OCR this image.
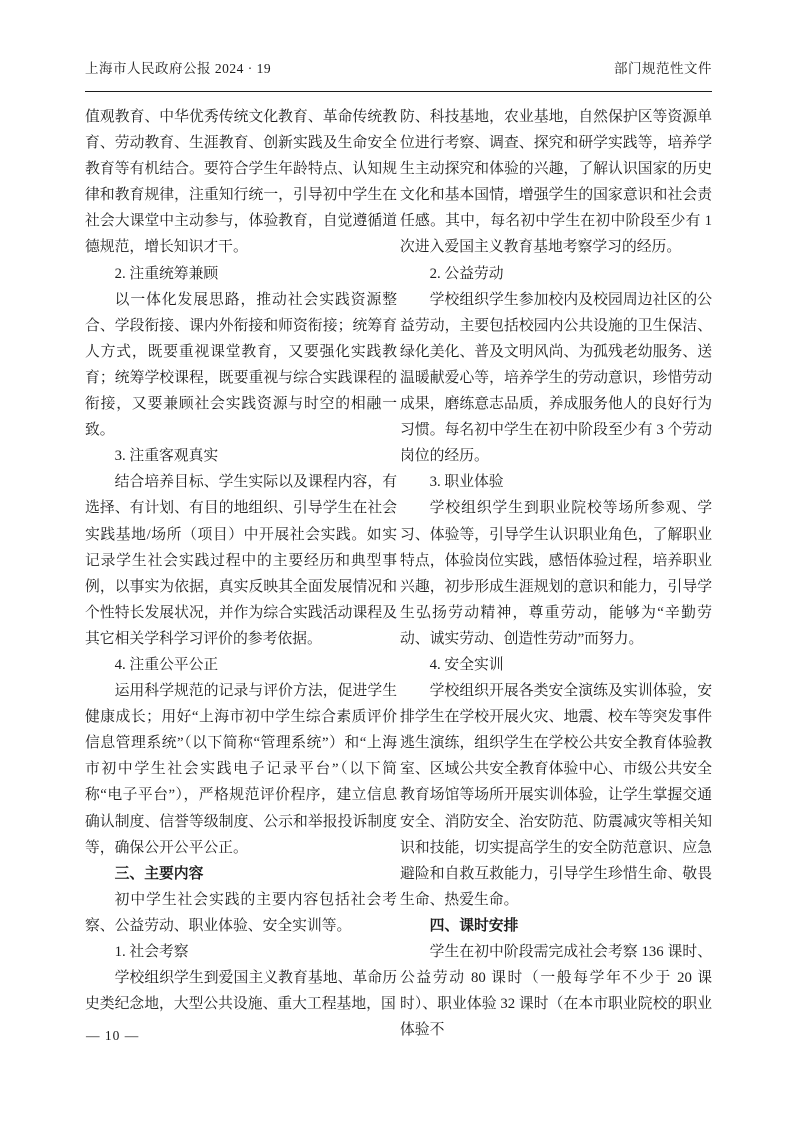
上海市人民政府公报 2024 · 19	部门规范性文件

值观教育、中华优秀传统文化教育、革命传统教育、劳动教育、生涯教育、创新实践及生命安全教育等有机结合。要符合学生年龄特点、认知规律和教育规律，注重知行统一，引导初中学生在社会大课堂中主动参与，体验教育，自觉遵循道德规范，增长知识才干。

2. 注重统筹兼顾

以一体化发展思路，推动社会实践资源整合、学段衔接、课内外衔接和师资衔接；统筹育人方式，既要重视课堂教育，又要强化实践教育；统筹学校课程，既要重视与综合实践课程的衔接，又要兼顾社会实践资源与时空的相融一致。

3. 注重客观真实

结合培养目标、学生实际以及课程内容，有选择、有计划、有目的地组织、引导学生在社会实践基地/场所（项目）中开展社会实践。如实记录学生社会实践过程中的主要经历和典型事例，以事实为依据，真实反映其全面发展情况和个性特长发展状况，并作为综合实践活动课程及其它相关学科学习评价的参考依据。

4. 注重公平公正

运用科学规范的记录与评价方法，促进学生健康成长；用好“上海市初中学生综合素质评价信息管理系统”（以下简称“管理系统”）和“上海市初中学生社会实践电子记录平台”（以下简称“电子平台”），严格规范评价程序，建立信息确认制度、信誉等级制度、公示和举报投诉制度等，确保公开公平公正。

三、主要内容

初中学生社会实践的主要内容包括社会考察、公益劳动、职业体验、安全实训等。

1. 社会考察

学校组织学生到爱国主义教育基地、革命历史类纪念地，大型公共设施、重大工程基地，国

防、科技基地，农业基地，自然保护区等资源单位进行考察、调查、探究和研学实践等，培养学生主动探究和体验的兴趣，了解认识国家的历史文化和基本国情，增强学生的国家意识和社会责任感。其中，每名初中学生在初中阶段至少有 1 次进入爱国主义教育基地考察学习的经历。

2. 公益劳动

学校组织学生参加校内及校园周边社区的公益劳动，主要包括校园内公共设施的卫生保洁、绿化美化、普及文明风尚、为孤残老幼服务、送温暖献爱心等，培养学生的劳动意识，珍惜劳动成果，磨练意志品质，养成服务他人的良好行为习惯。每名初中学生在初中阶段至少有 3 个劳动岗位的经历。

3. 职业体验

学校组织学生到职业院校等场所参观、学习、体验等，引导学生认识职业角色，了解职业特点，体验岗位实践，感悟体验过程，培养职业兴趣，初步形成生涯规划的意识和能力，引导学生弘扬劳动精神，尊重劳动，能够为“辛勤劳动、诚实劳动、创造性劳动”而努力。

4. 安全实训

学校组织开展各类安全演练及实训体验，安排学生在学校开展火灾、地震、校车等突发事件逃生演练，组织学生在学校公共安全教育体验教室、区域公共安全教育体验中心、市级公共安全教育场馆等场所开展实训体验，让学生掌握交通安全、消防安全、治安防范、防震减灾等相关知识和技能，切实提高学生的安全防范意识、应急避险和自救互救能力，引导学生珍惜生命、敬畏生命、热爱生命。

四、课时安排

学生在初中阶段需完成社会考察 136 课时、公益劳动 80 课时（一般每学年不少于 20 课时）、职业体验 32 课时（在本市职业院校的职业体验不

— 10 —
